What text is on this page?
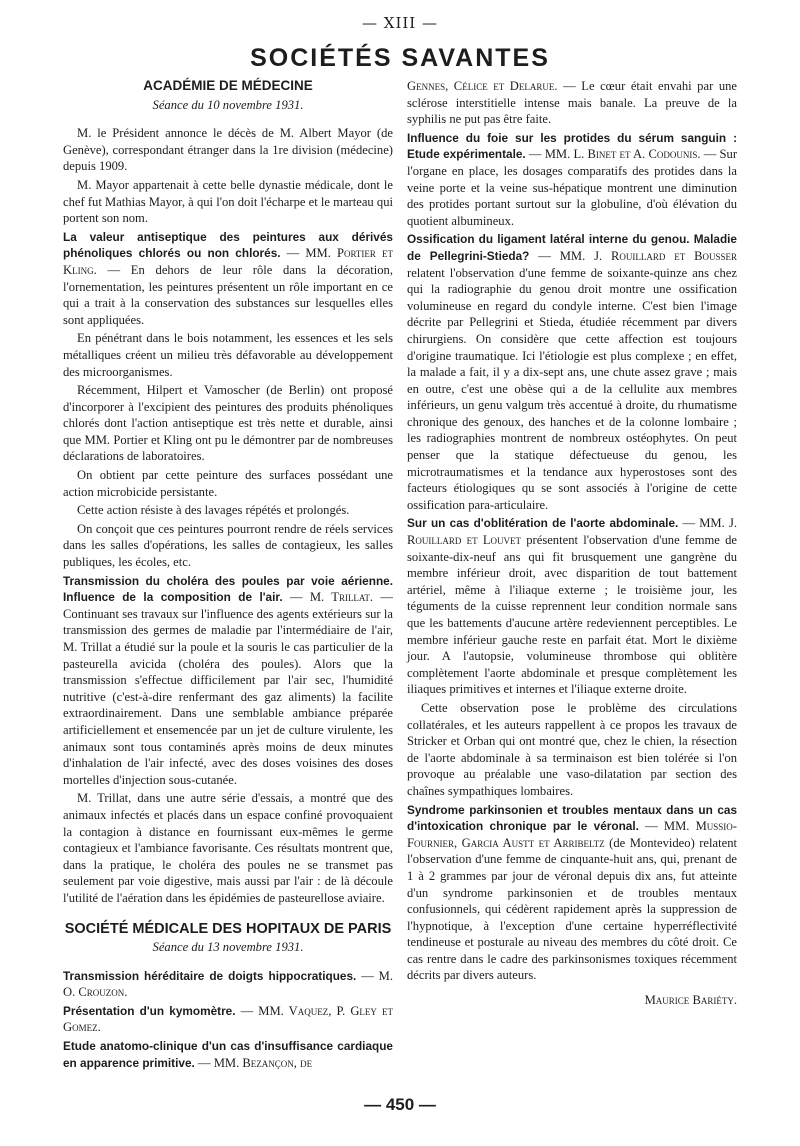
— XIII —
SOCIÉTÉS SAVANTES
ACADÉMIE DE MÉDECINE
Séance du 10 novembre 1931.

M. le Président annonce le décès de M. Albert Mayor (de Genève), correspondant étranger dans la 1re division (médecine) depuis 1909.

M. Mayor appartenait à cette belle dynastie médicale, dont le chef fut Mathias Mayor, à qui l'on doit l'écharpe et le marteau qui portent son nom.

La valeur antiseptique des peintures aux dérivés phénoliques chlorés ou non chlorés. — MM. Portier et Kling. — En dehors de leur rôle dans la décoration, l'ornementation, les peintures présentent un rôle important en ce qui a trait à la conservation des substances sur lesquelles elles sont appliquées.

En pénétrant dans le bois notamment, les essences et les sels métalliques créent un milieu très défavorable au développement des microorganismes.

Récemment, Hilpert et Vamoscher (de Berlin) ont proposé d'incorporer à l'excipient des peintures des produits phénoliques chlorés dont l'action antiseptique est très nette et durable, ainsi que MM. Portier et Kling ont pu le démontrer par de nombreuses déclarations de laboratoires.

On obtient par cette peinture des surfaces possédant une action microbicide persistante.

Cette action résiste à des lavages répétés et prolongés.

On conçoit que ces peintures pourront rendre de réels services dans les salles d'opérations, les salles de contagieux, les salles publiques, les écoles, etc.

Transmission du choléra des poules par voie aérienne. Influence de la composition de l'air. — M. Trillat. — Continuant ses travaux sur l'influence des agents extérieurs sur la transmission des germes de maladie par l'intermédiaire de l'air, M. Trillat a étudié sur la poule et la souris le cas particulier de la pasteurella avicida (choléra des poules). Alors que la transmission s'effectue difficilement par l'air sec, l'humidité nutritive (c'est-à-dire renfermant des gaz aliments) la facilite extraordinairement. Dans une semblable ambiance préparée artificiellement et ensemencée par un jet de culture virulente, les animaux sont tous contaminés après moins de deux minutes d'inhalation de l'air infecté, avec des doses voisines des doses mortelles d'injection sous-cutanée.

M. Trillat, dans une autre série d'essais, a montré que des animaux infectés et placés dans un espace confiné provoquaient la contagion à distance en fournissant eux-mêmes le germe contagieux et l'ambiance favorisante. Ces résultats montrent que, dans la pratique, le choléra des poules ne se transmet pas seulement par voie digestive, mais aussi par l'air : de là découle l'utilité de l'aération dans les épidémies de pasteurellose aviaire.

SOCIÉTÉ MÉDICALE DES HOPITAUX DE PARIS
Séance du 13 novembre 1931.

Transmission héréditaire de doigts hippocratiques. — M. O. Crouzon.

Présentation d'un kymomètre. — MM. Vaquez, P. Gley et Gomez.

Etude anatomo-clinique d'un cas d'insuffisance cardiaque en apparence primitive. — MM. Bezançon, de

Gennes, Célice et Delarue. — Le cœur était envahi par une sclérose interstitielle intense mais banale. La preuve de la syphilis ne put pas être faite.

Influence du foie sur les protides du sérum sanguin : Etude expérimentale. — MM. L. Binet et A. Codounis. — Sur l'organe en place, les dosages comparatifs des protides dans la veine porte et la veine sus-hépatique montrent une diminution des protides portant surtout sur la globuline, d'où élévation du quotient albumineux.

Ossification du ligament latéral interne du genou. Maladie de Pellegrini-Stieda? — MM. J. Rouillard et Bousser relatent l'observation d'une femme de soixante-quinze ans chez qui la radiographie du genou droit montre une ossification volumineuse en regard du condyle interne. C'est bien l'image décrite par Pellegrini et Stieda, étudiée récemment par divers chirurgiens. On considère que cette affection est toujours d'origine traumatique. Ici l'étiologie est plus complexe ; en effet, la malade a fait, il y a dix-sept ans, une chute assez grave ; mais en outre, c'est une obèse qui a de la cellulite aux membres inférieurs, un genu valgum très accentué à droite, du rhumatisme chronique des genoux, des hanches et de la colonne lombaire ; les radiographies montrent de nombreux ostéophytes. On peut penser que la statique défectueuse du genou, les microtraumatismes et la tendance aux hyperostoses sont des facteurs étiologiques qu se sont associés à l'origine de cette ossification para-articulaire.

Sur un cas d'oblitération de l'aorte abdominale. — MM. J. Rouillard et Louvet présentent l'observation d'une femme de soixante-dix-neuf ans qui fit brusquement une gangrène du membre inférieur droit, avec disparition de tout battement artériel, même à l'iliaque externe ; le troisième jour, les téguments de la cuisse reprennent leur condition normale sans que les battements d'aucune artère redeviennent perceptibles. Le membre inférieur gauche reste en parfait état. Mort le dixième jour. A l'autopsie, volumineuse thrombose qui oblitère complètement l'aorte abdominale et presque complètement les iliaques primitives et internes et l'iliaque externe droite.

Cette observation pose le problème des circulations collatérales, et les auteurs rappellent à ce propos les travaux de Stricker et Orban qui ont montré que, chez le chien, la résection de l'aorte abdominale à sa terminaison est bien tolérée si l'on provoque au préalable une vaso-dilatation par section des chaînes sympathiques lombaires.

Syndrome parkinsonien et troubles mentaux dans un cas d'intoxication chronique par le véronal. — MM. Mussio-Fournier, Garcia Austt et Arribeltz (de Montevideo) relatent l'observation d'une femme de cinquante-huit ans, qui, prenant de 1 à 2 grammes par jour de véronal depuis dix ans, fut atteinte d'un syndrome parkinsonien et de troubles mentaux confusionnels, qui cédèrent rapidement après la suppression de l'hypnotique, à l'exception d'une certaine hyperréflectivité tendineuse et posturale au niveau des membres du côté droit. Ce cas rentre dans le cadre des parkinsonismes toxiques récemment décrits par divers auteurs.

Maurice Bariéty.

— 450 —
